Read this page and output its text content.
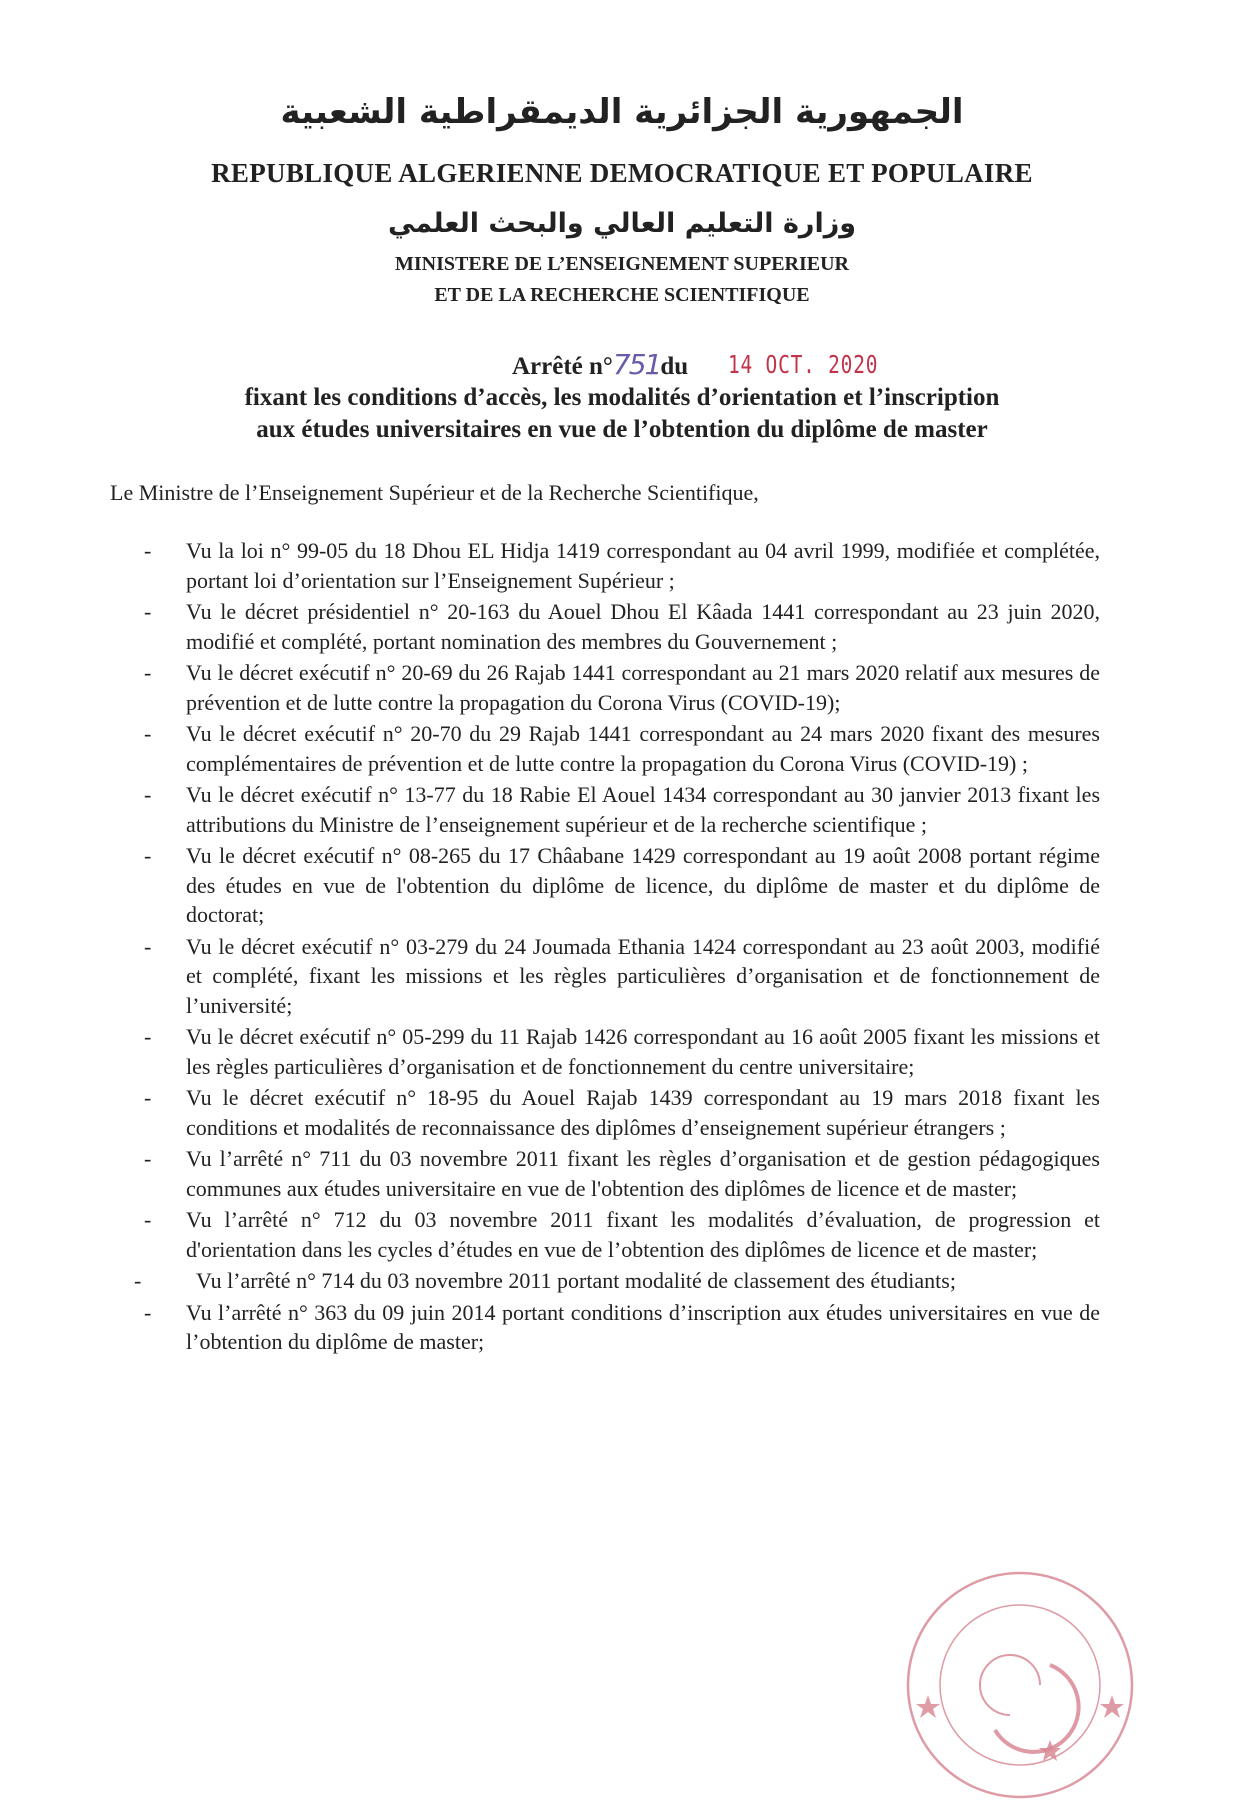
الجمهورية الجزائرية الديمقراطية الشعبية
REPUBLIQUE ALGERIENNE DEMOCRATIQUE ET POPULAIRE
وزارة التعليم العالي والبحث العلمي
MINISTERE DE L’ENSEIGNEMENT SUPERIEUR
ET DE LA RECHERCHE SCIENTIFIQUE
Arrêté n°751du 14 OCT. 2020
fixant les conditions d’accès, les modalités d’orientation et l’inscription
aux études universitaires en vue de l’obtention du diplôme de master
Le Ministre de l’Enseignement Supérieur et de la Recherche Scientifique,
- Vu la loi n° 99-05 du 18 Dhou EL Hidja 1419 correspondant au 04 avril 1999, modifiée et complétée, portant loi d’orientation sur l’Enseignement Supérieur ;
- Vu le décret présidentiel n° 20-163 du Aouel Dhou El Kâada 1441 correspondant au 23 juin 2020, modifié et complété, portant nomination des membres du Gouvernement ;
- Vu le décret exécutif n° 20-69 du 26 Rajab 1441 correspondant au 21 mars 2020 relatif aux mesures de prévention et de lutte contre la propagation du Corona Virus (COVID-19);
- Vu le décret exécutif n° 20-70 du 29 Rajab 1441 correspondant au 24 mars 2020 fixant des mesures complémentaires de prévention et de lutte contre la propagation du Corona Virus (COVID-19) ;
- Vu le décret exécutif n° 13-77 du 18 Rabie El Aouel 1434 correspondant au 30 janvier 2013 fixant les attributions du Ministre de l’enseignement supérieur et de la recherche scientifique ;
- Vu le décret exécutif n° 08-265 du 17 Châabane 1429 correspondant au 19 août 2008 portant régime des études en vue de l'obtention du diplôme de licence, du diplôme de master et du diplôme de doctorat;
- Vu le décret exécutif n° 03-279 du 24 Joumada Ethania 1424 correspondant au 23 août 2003, modifié et complété, fixant les missions et les règles particulières d’organisation et de fonctionnement de l’université;
- Vu le décret exécutif n° 05-299 du 11 Rajab 1426 correspondant au 16 août 2005 fixant les missions et les règles particulières d’organisation et de fonctionnement du centre universitaire;
- Vu le décret exécutif n° 18-95 du Aouel Rajab 1439 correspondant au 19 mars 2018 fixant les conditions et modalités de reconnaissance des diplômes d’enseignement supérieur étrangers ;
- Vu l’arrêté n° 711 du 03 novembre 2011 fixant les règles d’organisation et de gestion pédagogiques communes aux études universitaire en vue de l'obtention des diplômes de licence et de master;
- Vu l’arrêté n° 712 du 03 novembre 2011 fixant les modalités d’évaluation, de progression et d'orientation dans les cycles d’études en vue de l’obtention des diplômes de licence et de master;
- Vu l’arrêté n° 714 du 03 novembre 2011 portant modalité de classement des étudiants;
- Vu l’arrêté n° 363 du 09 juin 2014 portant conditions d’inscription aux études universitaires en vue de l’obtention du diplôme de master;
